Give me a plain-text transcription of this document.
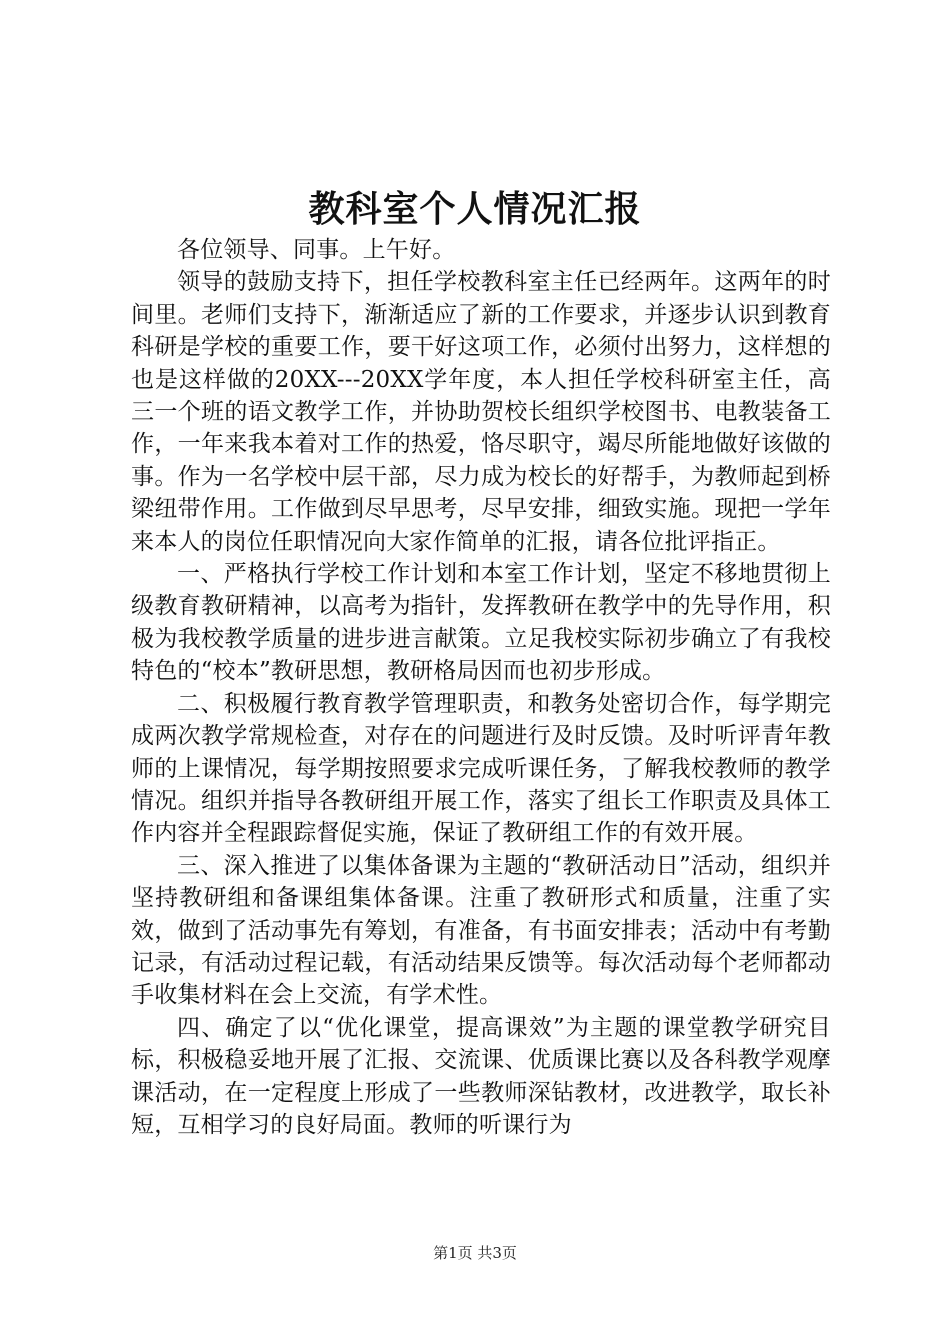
教科室个人情况汇报

各位领导、同事。上午好。

领导的鼓励支持下，担任学校教科室主任已经两年。这两年的时间里。老师们支持下，渐渐适应了新的工作要求，并逐步认识到教育科研是学校的重要工作，要干好这项工作，必须付出努力，这样想的也是这样做的20XX---20XX学年度，本人担任学校科研室主任，高三一个班的语文教学工作，并协助贺校长组织学校图书、电教装备工作，一年来我本着对工作的热爱，恪尽职守，竭尽所能地做好该做的事。作为一名学校中层干部，尽力成为校长的好帮手，为教师起到桥梁纽带作用。工作做到尽早思考，尽早安排，细致实施。现把一学年来本人的岗位任职情况向大家作简单的汇报，请各位批评指正。

一、严格执行学校工作计划和本室工作计划，坚定不移地贯彻上级教育教研精神，以高考为指针，发挥教研在教学中的先导作用，积极为我校教学质量的进步进言献策。立足我校实际初步确立了有我校特色的“校本”教研思想，教研格局因而也初步形成。

二、积极履行教育教学管理职责，和教务处密切合作，每学期完成两次教学常规检查，对存在的问题进行及时反馈。及时听评青年教师的上课情况，每学期按照要求完成听课任务，了解我校教师的教学情况。组织并指导各教研组开展工作，落实了组长工作职责及具体工作内容并全程跟踪督促实施，保证了教研组工作的有效开展。

三、深入推进了以集体备课为主题的“教研活动日”活动，组织并坚持教研组和备课组集体备课。注重了教研形式和质量，注重了实效，做到了活动事先有筹划，有准备，有书面安排表；活动中有考勤记录，有活动过程记载，有活动结果反馈等。每次活动每个老师都动手收集材料在会上交流，有学术性。

四、确定了以“优化课堂，提高课效”为主题的课堂教学研究目标，积极稳妥地开展了汇报、交流课、优质课比赛以及各科教学观摩课活动，在一定程度上形成了一些教师深钻教材，改进教学，取长补短，互相学习的良好局面。教师的听课行为

第1页 共3页
